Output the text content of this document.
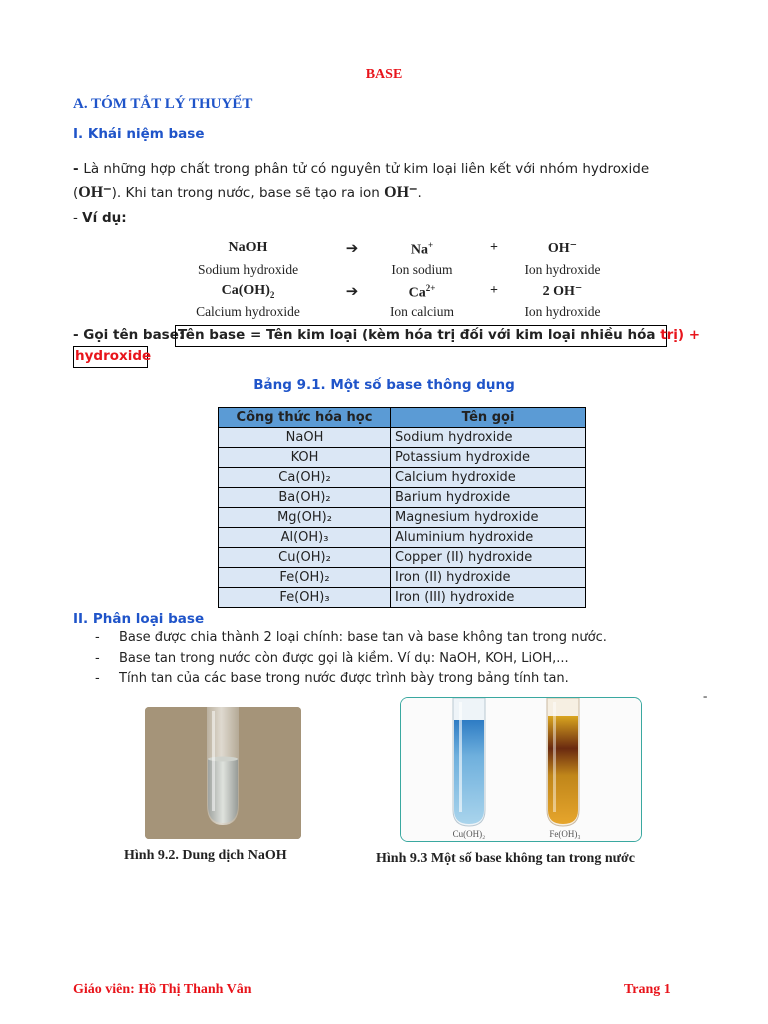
BASE
A. TÓM TẮT LÝ THUYẾT
I. Khái niệm base
- Là những hợp chất trong phân tử có nguyên tử kim loại liên kết với nhóm hydroxide (OH⁻). Khi tan trong nước, base sẽ tạo ra ion OH⁻.
- Ví dụ:
NaOH	➔	Na+	+	OH⁻
Sodium hydroxide	Ion sodium	Ion hydroxide
$Ca(OH)_2$	➔	$Ca^{2+}$	+	2 OH⁻
Calcium hydroxide	Ion calcium	Ion hydroxide
- Gọi tên base:
Tên base = Tên kim loại (kèm hóa trị đối với kim loại nhiều hóa trị) +
hydroxide
Bảng 9.1. Một số base thông dụng
Công thức hóa học	Tên gọi
NaOH	Sodium hydroxide
KOH	Potassium hydroxide
Ca(OH)₂	Calcium hydroxide
Ba(OH)₂	Barium hydroxide
Mg(OH)₂	Magnesium hydroxide
Al(OH)₃	Aluminium hydroxide
Cu(OH)₂	Copper (II) hydroxide
Fe(OH)₂	Iron (II) hydroxide
Fe(OH)₃	Iron (III) hydroxide
II. Phân loại base
- Base được chia thành 2 loại chính: base tan và base không tan trong nước.
- Base tan trong nước còn được gọi là kiềm. Ví dụ: NaOH, KOH, LiOH,...
- Tính tan của các base trong nước được trình bày trong bảng tính tan.
-
Cu(OH)₂	Fe(OH)₃
Hình 9.2. Dung dịch NaOH	Hình 9.3 Một số base không tan trong nước
Giáo viên: Hồ Thị Thanh Vân	Trang 1
